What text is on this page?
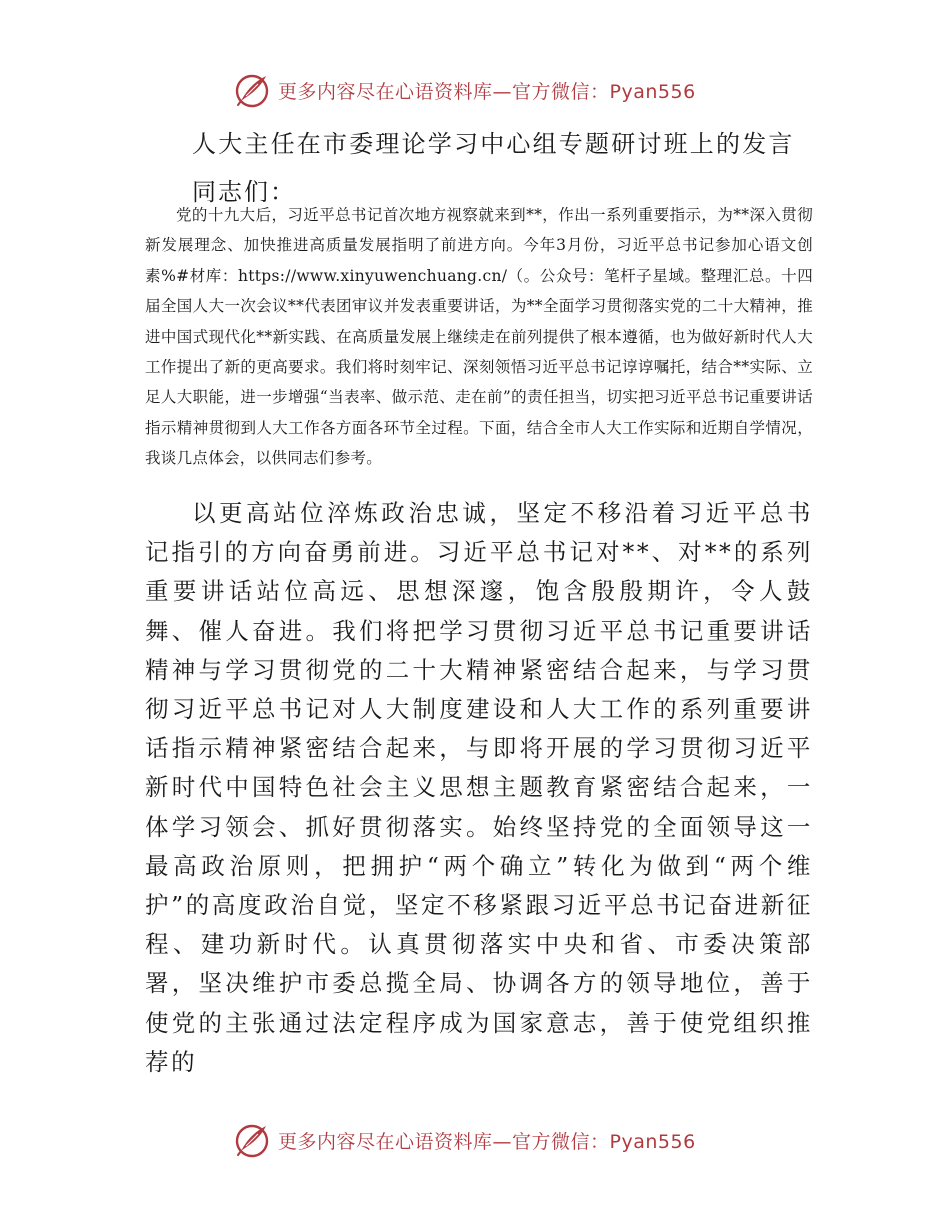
更多内容尽在心语资料库—官方微信：Pyan556
人大主任在市委理论学习中心组专题研讨班上的发言
同志们：

党的十九大后，习近平总书记首次地方视察就来到**，作出一系列重要指示，为**深入贯彻新发展理念、加快推进高质量发展指明了前进方向。今年3月份，习近平总书记参加心语文创素%#材库：https://www.xinyuwenchuang.cn/（。公众号：笔杆子星域。整理汇总。十四届全国人大一次会议**代表团审议并发表重要讲话，为**全面学习贯彻落实党的二十大精神，推进中国式现代化**新实践、在高质量发展上继续走在前列提供了根本遵循，也为做好新时代人大工作提出了新的更高要求。我们将时刻牢记、深刻领悟习近平总书记谆谆嘱托，结合**实际、立足人大职能，进一步增强“当表率、做示范、走在前”的责任担当，切实把习近平总书记重要讲话指示精神贯彻到人大工作各方面各环节全过程。下面，结合全市人大工作实际和近期自学情况，我谈几点体会，以供同志们参考。

以更高站位淬炼政治忠诚，坚定不移沿着习近平总书记指引的方向奋勇前进。习近平总书记对**、对**的系列重要讲话站位高远、思想深邃，饱含殷殷期许，令人鼓舞、催人奋进。我们将把学习贯彻习近平总书记重要讲话精神与学习贯彻党的二十大精神紧密结合起来，与学习贯彻习近平总书记对人大制度建设和人大工作的系列重要讲话指示精神紧密结合起来，与即将开展的学习贯彻习近平新时代中国特色社会主义思想主题教育紧密结合起来，一体学习领会、抓好贯彻落实。始终坚持党的全面领导这一最高政治原则，把拥护“两个确立”转化为做到“两个维护”的高度政治自觉，坚定不移紧跟习近平总书记奋进新征程、建功新时代。认真贯彻落实中央和省、市委决策部署，坚决维护市委总揽全局、协调各方的领导地位，善于使党的主张通过法定程序成为国家意志，善于使党组织推荐的

更多内容尽在心语资料库—官方微信：Pyan556
